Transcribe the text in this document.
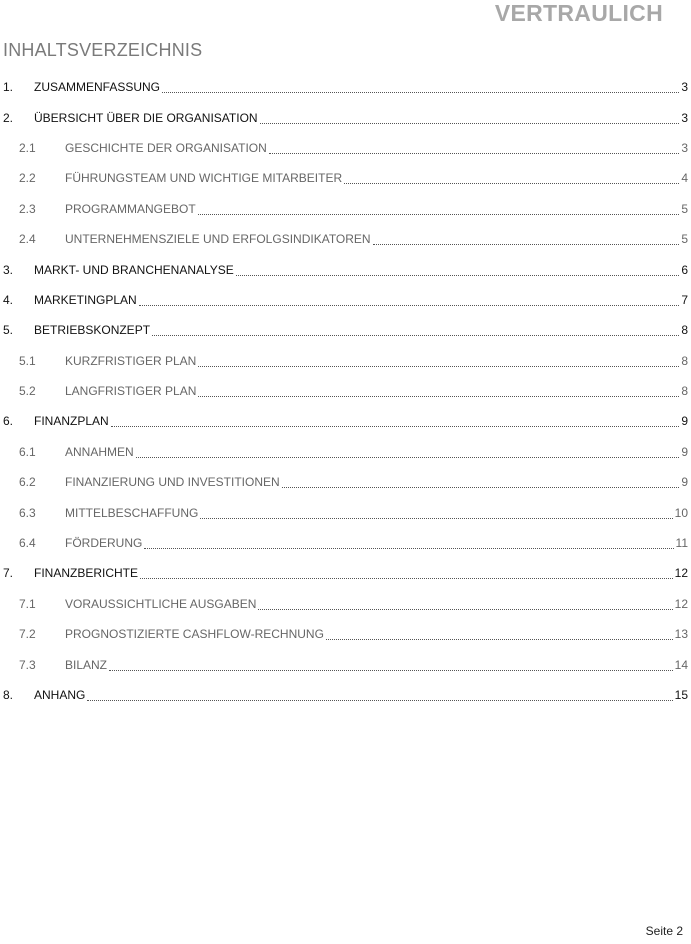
VERTRAULICH
INHALTSVERZEICHNIS
1.	ZUSAMMENFASSUNG	3
2.	ÜBERSICHT ÜBER DIE ORGANISATION	3
2.1	GESCHICHTE DER ORGANISATION	3
2.2	FÜHRUNGSTEAM UND WICHTIGE MITARBEITER	4
2.3	PROGRAMMANGEBOT	5
2.4	UNTERNEHMENSZIELE UND ERFOLGSINDIKATOREN	5
3.	MARKT- UND BRANCHENANALYSE	6
4.	MARKETINGPLAN	7
5.	BETRIEBSKONZEPT	8
5.1	KURZFRISTIGER PLAN	8
5.2	LANGFRISTIGER PLAN	8
6.	FINANZPLAN	9
6.1	ANNAHMEN	9
6.2	FINANZIERUNG UND INVESTITIONEN	9
6.3	MITTELBESCHAFFUNG	10
6.4	FÖRDERUNG	11
7.	FINANZBERICHTE	12
7.1	VORAUSSICHTLICHE AUSGABEN	12
7.2	PROGNOSTIZIERTE CASHFLOW-RECHNUNG	13
7.3	BILANZ	14
8.	ANHANG	15
Seite 2
